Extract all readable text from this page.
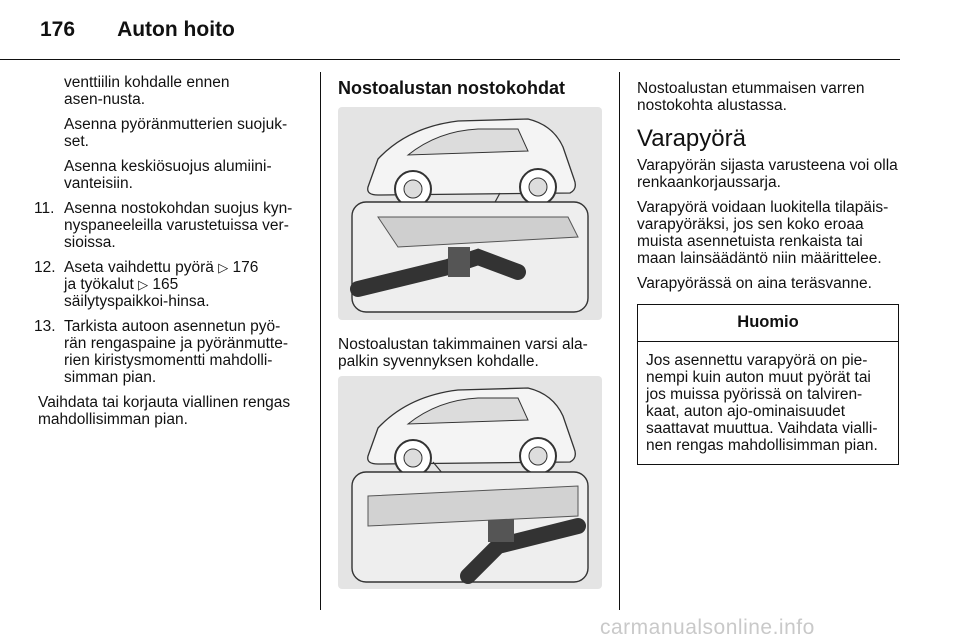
176 Auton hoito

venttiilin kohdalle ennen asen-nusta.

Asenna pyöränmutterien suojuk-set.

Asenna keskiösuojus alumiini-vanteisiin.

11. Asenna nostokohdan suojus kyn-nyspaneeleilla varustetuissa ver-sioissa.
12. Aseta vaihdettu pyörä ▷ 176 ja työkalut ▷ 165 säilytyspaikkoi-hinsa.
13. Tarkista autoon asennetun pyö-rän rengaspaine ja pyöränmutte-rien kiristysmomentti mahdolli-simman pian.

Vaihdata tai korjauta viallinen rengas mahdollisimman pian.

Nostoalustan nostokohdat

Nostoalustan takimmainen varsi ala-palkin syvennyksen kohdalle.

Nostoalustan etummaisen varren nostokohta alustassa.

Varapyörä

Varapyörän sijasta varusteena voi olla renkaankorjaussarja.

Varapyörä voidaan luokitella tilapäis-varapyöräksi, jos sen koko eroaa muista asennetuista renkaista tai maan lainsäädäntö niin määrittelee.

Varapyörässä on aina teräsvanne.

Huomio
Jos asennettu varapyörä on pie-nempi kuin auton muut pyörät tai jos muissa pyörissä on talviren-kaat, auton ajo-ominaisuudet saattavat muuttua. Vaihdata vialli-nen rengas mahdollisimman pian.
carmanualsonline.info
